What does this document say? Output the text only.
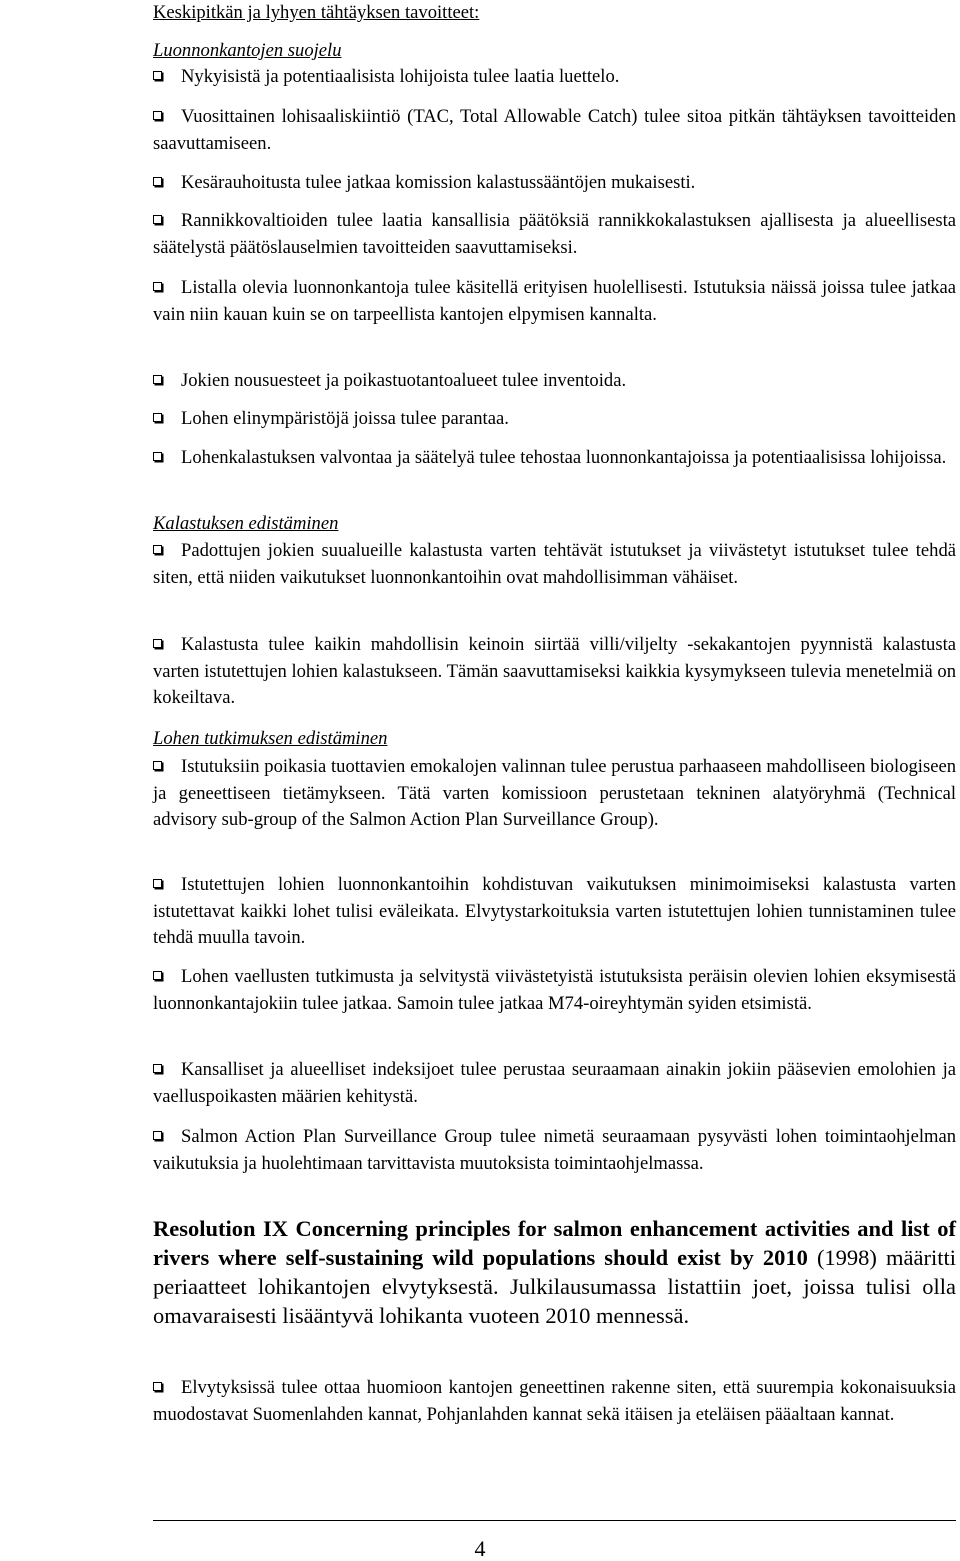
Keskipitkän ja lyhyen tähtäyksen tavoitteet:
Luonnonkantojen suojelu
Nykyisistä ja potentiaalisista lohijoista tulee laatia luettelo.
Vuosittainen lohisaaliskiintiö (TAC, Total Allowable Catch) tulee sitoa pitkän tähtäyksen tavoitteiden saavuttamiseen.
Kesärauhoitusta tulee jatkaa komission kalastussääntöjen mukaisesti.
Rannikkovaltioiden tulee laatia kansallisia päätöksiä rannikkokalastuksen ajallisesta ja alueellisesta säätelystä päätöslauselmien tavoitteiden saavuttamiseksi.
Listalla olevia luonnonkantoja tulee käsitellä erityisen huolellisesti. Istutuksia näissä joissa tulee jatkaa vain niin kauan kuin se on tarpeellista kantojen elpymisen kannalta.
Jokien nousuesteet ja poikastuotantoalueet tulee inventoida.
Lohen elinympäristöjä joissa tulee parantaa.
Lohenkalastuksen valvontaa ja säätelyä tulee tehostaa luonnonkantajoissa ja potentiaalisissa lohijoissa.
Kalastuksen edistäminen
Padottujen jokien suualueille kalastusta varten tehtävät istutukset ja viivästetyt istutukset tulee tehdä siten, että niiden vaikutukset luonnonkantoihin ovat mahdollisimman vähäiset.
Kalastusta tulee kaikin mahdollisin keinoin siirtää villi/viljelty -sekakantojen pyynnistä kalastusta varten istutettujen lohien kalastukseen. Tämän saavuttamiseksi kaikkia kysymykseen tulevia menetelmiä on kokeiltava.
Lohen tutkimuksen edistäminen
Istutuksiin poikasia tuottavien emokalojen valinnan tulee perustua parhaaseen mahdolliseen biologiseen ja geneettiseen tietämykseen. Tätä varten komissioon perustetaan tekninen alatyöryhmä (Technical advisory sub-group of the Salmon Action Plan Surveillance Group).
Istutettujen lohien luonnonkantoihin kohdistuvan vaikutuksen minimoimiseksi kalastusta varten istutettavat kaikki lohet tulisi eväleikata. Elvytystarkoituksia varten istutettujen lohien tunnistaminen tulee tehdä muulla tavoin.
Lohen vaellusten tutkimusta ja selvitystä viivästetyistä istutuksista peräisin olevien lohien eksymisestä luonnonkantajokiin tulee jatkaa. Samoin tulee jatkaa M74-oireyhtymän syiden etsimistä.
Kansalliset ja alueelliset indeksijoet tulee perustaa seuraamaan ainakin jokiin pääsevien emolohien ja vaelluspoikasten määrien kehitystä.
Salmon Action Plan Surveillance Group tulee nimetä seuraamaan pysyvästi lohen toimintaohjelman vaikutuksia ja huolehtimaan tarvittavista muutoksista toimintaohjelmassa.
Resolution IX Concerning principles for salmon enhancement activities and list of rivers where self-sustaining wild populations should exist by 2010 (1998) määritti periaatteet lohikantojen elvytyksestä. Julkilausumassa listattiin joet, joissa tulisi olla omavaraisesti lisääntyvä lohikanta vuoteen 2010 mennessä.
Elvytyksissä tulee ottaa huomioon kantojen geneettinen rakenne siten, että suurempia kokonaisuuksia muodostavat Suomenlahden kannat, Pohjanlahden kannat sekä itäisen ja eteläisen pääaltaan kannat.
4
